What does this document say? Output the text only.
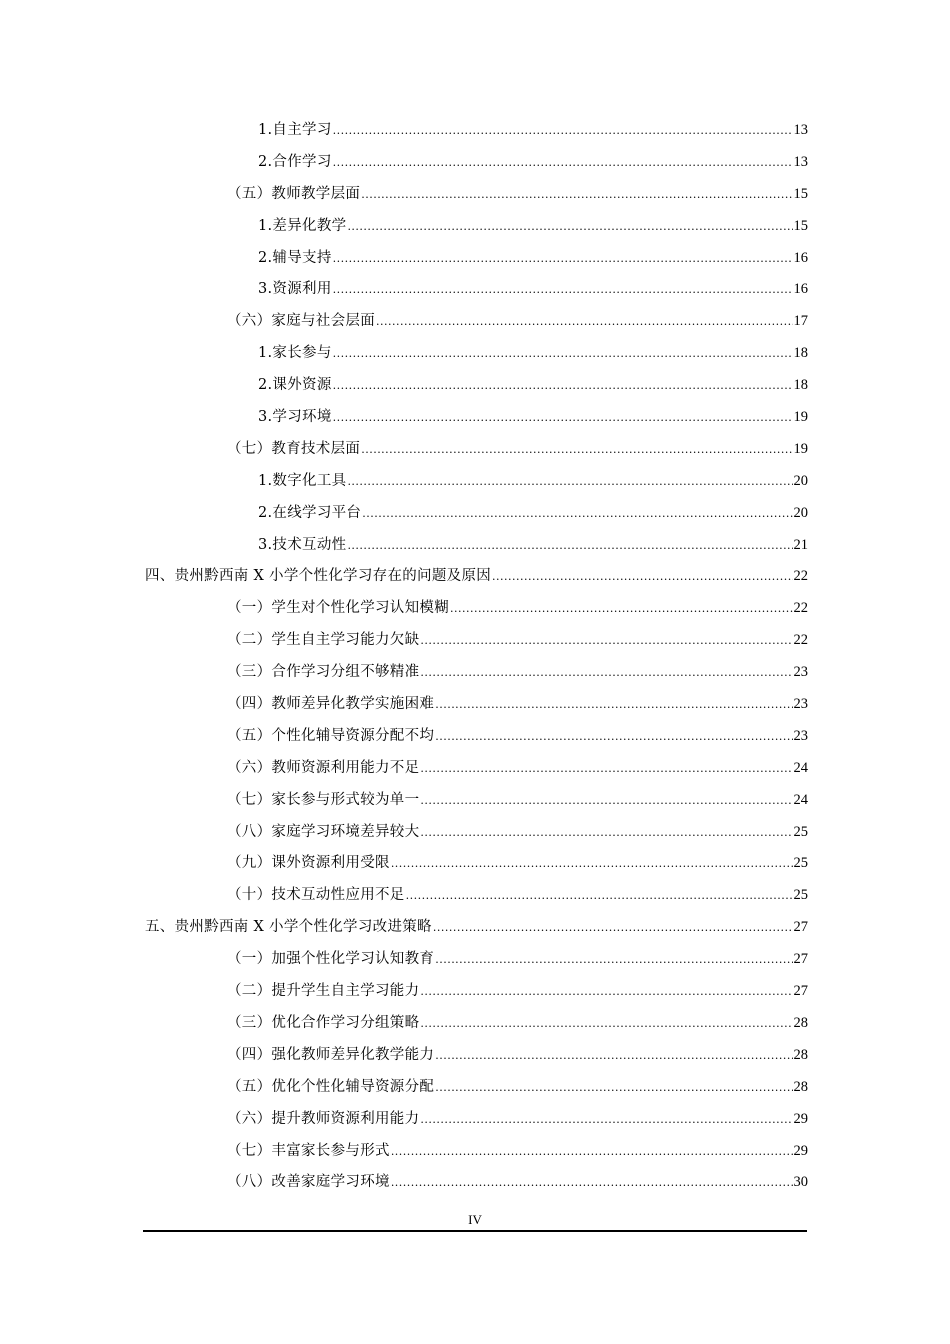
1.自主学习 .....	13
2.合作学习 .....	13
（五）教师教学层面 .....	15
1.差异化教学 .....	15
2.辅导支持 .....	16
3.资源利用 .....	16
（六）家庭与社会层面 .....	17
1.家长参与 .....	18
2.课外资源 .....	18
3.学习环境 .....	19
（七）教育技术层面 .....	19
1.数字化工具 .....	20
2.在线学习平台 .....	20
3.技术互动性 .....	21
四、贵州黔西南 X 小学个性化学习存在的问题及原因 .....	22
（一）学生对个性化学习认知模糊 .....	22
（二）学生自主学习能力欠缺 .....	22
（三）合作学习分组不够精准 .....	23
（四）教师差异化教学实施困难 .....	23
（五）个性化辅导资源分配不均 .....	23
（六）教师资源利用能力不足 .....	24
（七）家长参与形式较为单一 .....	24
（八）家庭学习环境差异较大 .....	25
（九）课外资源利用受限 .....	25
（十）技术互动性应用不足 .....	25
五、贵州黔西南 X 小学个性化学习改进策略 .....	27
（一）加强个性化学习认知教育 .....	27
（二）提升学生自主学习能力 .....	27
（三）优化合作学习分组策略 .....	28
（四）强化教师差异化教学能力 .....	28
（五）优化个性化辅导资源分配 .....	28
（六）提升教师资源利用能力 .....	29
（七）丰富家长参与形式 .....	29
（八）改善家庭学习环境 .....	30
IV
